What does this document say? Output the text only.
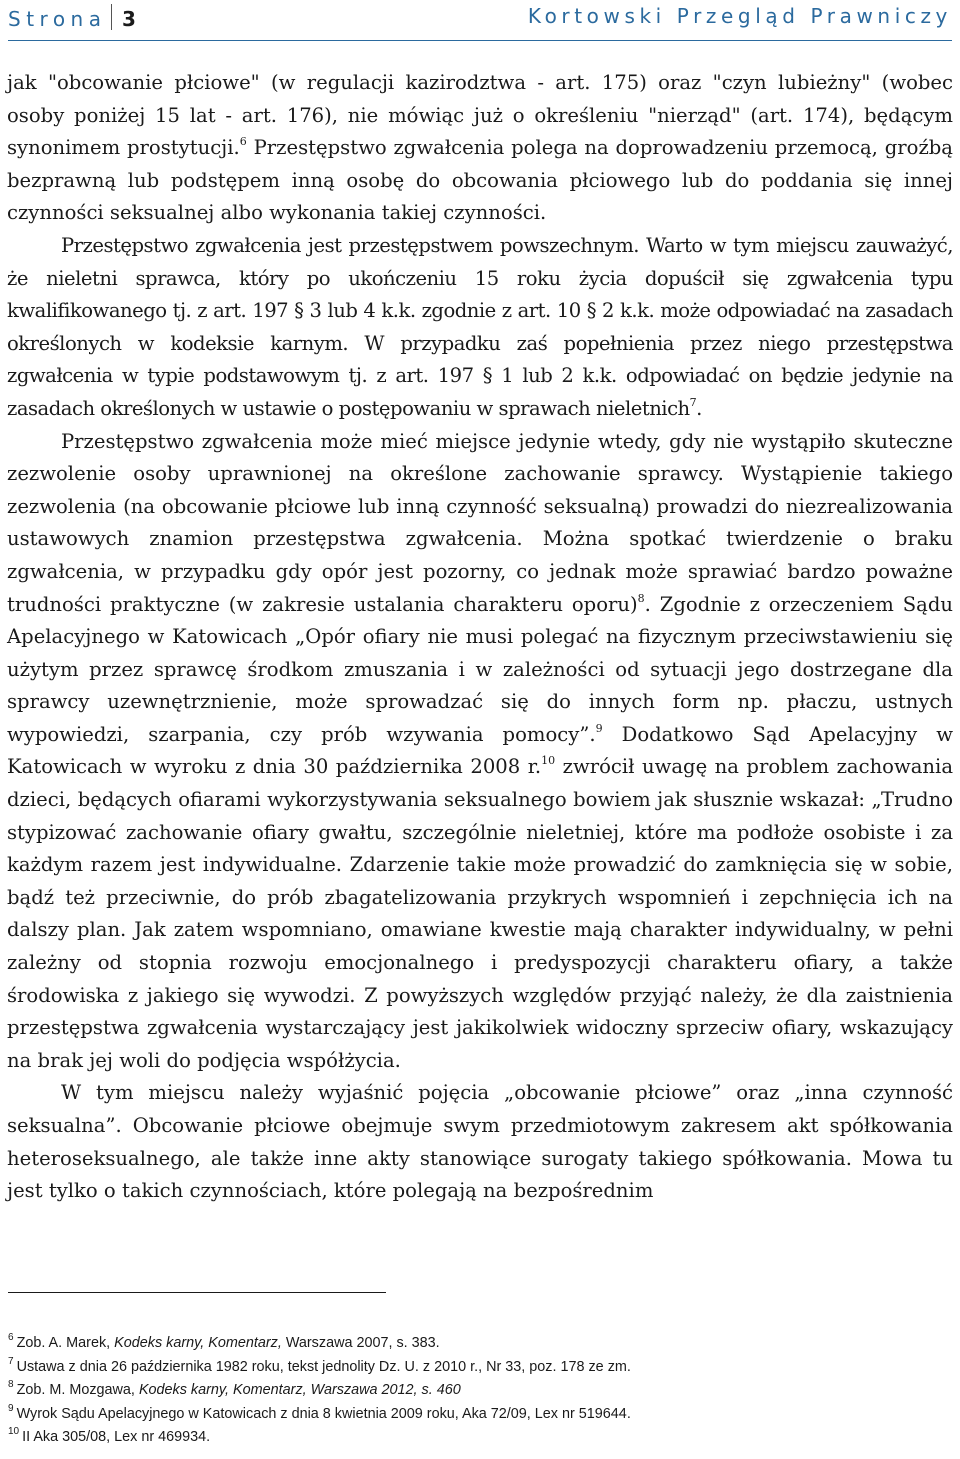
Strona 3	Kortowski Przegląd Prawniczy

jak "obcowanie płciowe" (w regulacji kazirodztwa - art. 175) oraz "czyn lubieżny" (wobec osoby poniżej 15 lat - art. 176), nie mówiąc już o określeniu "nierząd" (art. 174), będącym synonimem prostytucji.$^6$ Przestępstwo zgwałcenia polega na doprowadzeniu przemocą, groźbą bezprawną lub podstępem inną osobę do obcowania płciowego lub do poddania się innej czynności seksualnej albo wykonania takiej czynności.

Przestępstwo zgwałcenia jest przestępstwem powszechnym. Warto w tym miejscu zauważyć, że nieletni sprawca, który po ukończeniu 15 roku życia dopuścił się zgwałcenia typu kwalifikowanego tj. z art. 197 § 3 lub 4 k.k. zgodnie z art. 10 § 2 k.k. może odpowiadać na zasadach określonych w kodeksie karnym. W przypadku zaś popełnienia przez niego przestępstwa zgwałcenia w typie podstawowym tj. z art. 197 § 1 lub 2 k.k. odpowiadać on będzie jedynie na zasadach określonych w ustawie o postępowaniu w sprawach nieletnich$^7$.

Przestępstwo zgwałcenia może mieć miejsce jedynie wtedy, gdy nie wystąpiło skuteczne zezwolenie osoby uprawnionej na określone zachowanie sprawcy. Wystąpienie takiego zezwolenia (na obcowanie płciowe lub inną czynność seksualną) prowadzi do niezrealizowania ustawowych znamion przestępstwa zgwałcenia. Można spotkać twierdzenie o braku zgwałcenia, w przypadku gdy opór jest pozorny, co jednak może sprawiać bardzo poważne trudności praktyczne (w zakresie ustalania charakteru oporu)$^8$. Zgodnie z orzeczeniem Sądu Apelacyjnego w Katowicach „Opór ofiary nie musi polegać na fizycznym przeciwstawieniu się użytym przez sprawcę środkom zmuszania i w zależności od sytuacji jego dostrzegane dla sprawcy uzewnętrznienie, może sprowadzać się do innych form np. płaczu, ustnych wypowiedzi, szarpania, czy prób wzywania pomocy”.$^9$ Dodatkowo Sąd Apelacyjny w Katowicach w wyroku z dnia 30 października 2008 r.$^{10}$ zwrócił uwagę na problem zachowania dzieci, będących ofiarami wykorzystywania seksualnego bowiem jak słusznie wskazał: „Trudno stypizować zachowanie ofiary gwałtu, szczególnie nieletniej, które ma podłoże osobiste i za każdym razem jest indywidualne. Zdarzenie takie może prowadzić do zamknięcia się w sobie, bądź też przeciwnie, do prób zbagatelizowania przykrych wspomnień i zepchnięcia ich na dalszy plan. Jak zatem wspomniano, omawiane kwestie mają charakter indywidualny, w pełni zależny od stopnia rozwoju emocjonalnego i predyspozycji charakteru ofiary, a także środowiska z jakiego się wywodzi. Z powyższych względów przyjąć należy, że dla zaistnienia przestępstwa zgwałcenia wystarczający jest jakikolwiek widoczny sprzeciw ofiary, wskazujący na brak jej woli do podjęcia współżycia.

W tym miejscu należy wyjaśnić pojęcia „obcowanie płciowe” oraz „inna czynność seksualna”. Obcowanie płciowe obejmuje swym przedmiotowym zakresem akt spółkowania heteroseksualnego, ale także inne akty stanowiące surogaty takiego spółkowania. Mowa tu jest tylko o takich czynnościach, które polegają na bezpośrednim

$^6$ Zob. A. Marek, Kodeks karny, Komentarz, Warszawa 2007, s. 383.
$^7$ Ustawa z dnia 26 października 1982 roku, tekst jednolity Dz. U. z 2010 r., Nr 33, poz. 178 ze zm.
$^8$ Zob. M. Mozgawa, Kodeks karny, Komentarz, Warszawa 2012, s. 460
$^9$ Wyrok Sądu Apelacyjnego w Katowicach z dnia 8 kwietnia 2009 roku, Aka 72/09, Lex nr 519644.
$^{10}$ II Aka 305/08, Lex nr 469934.
